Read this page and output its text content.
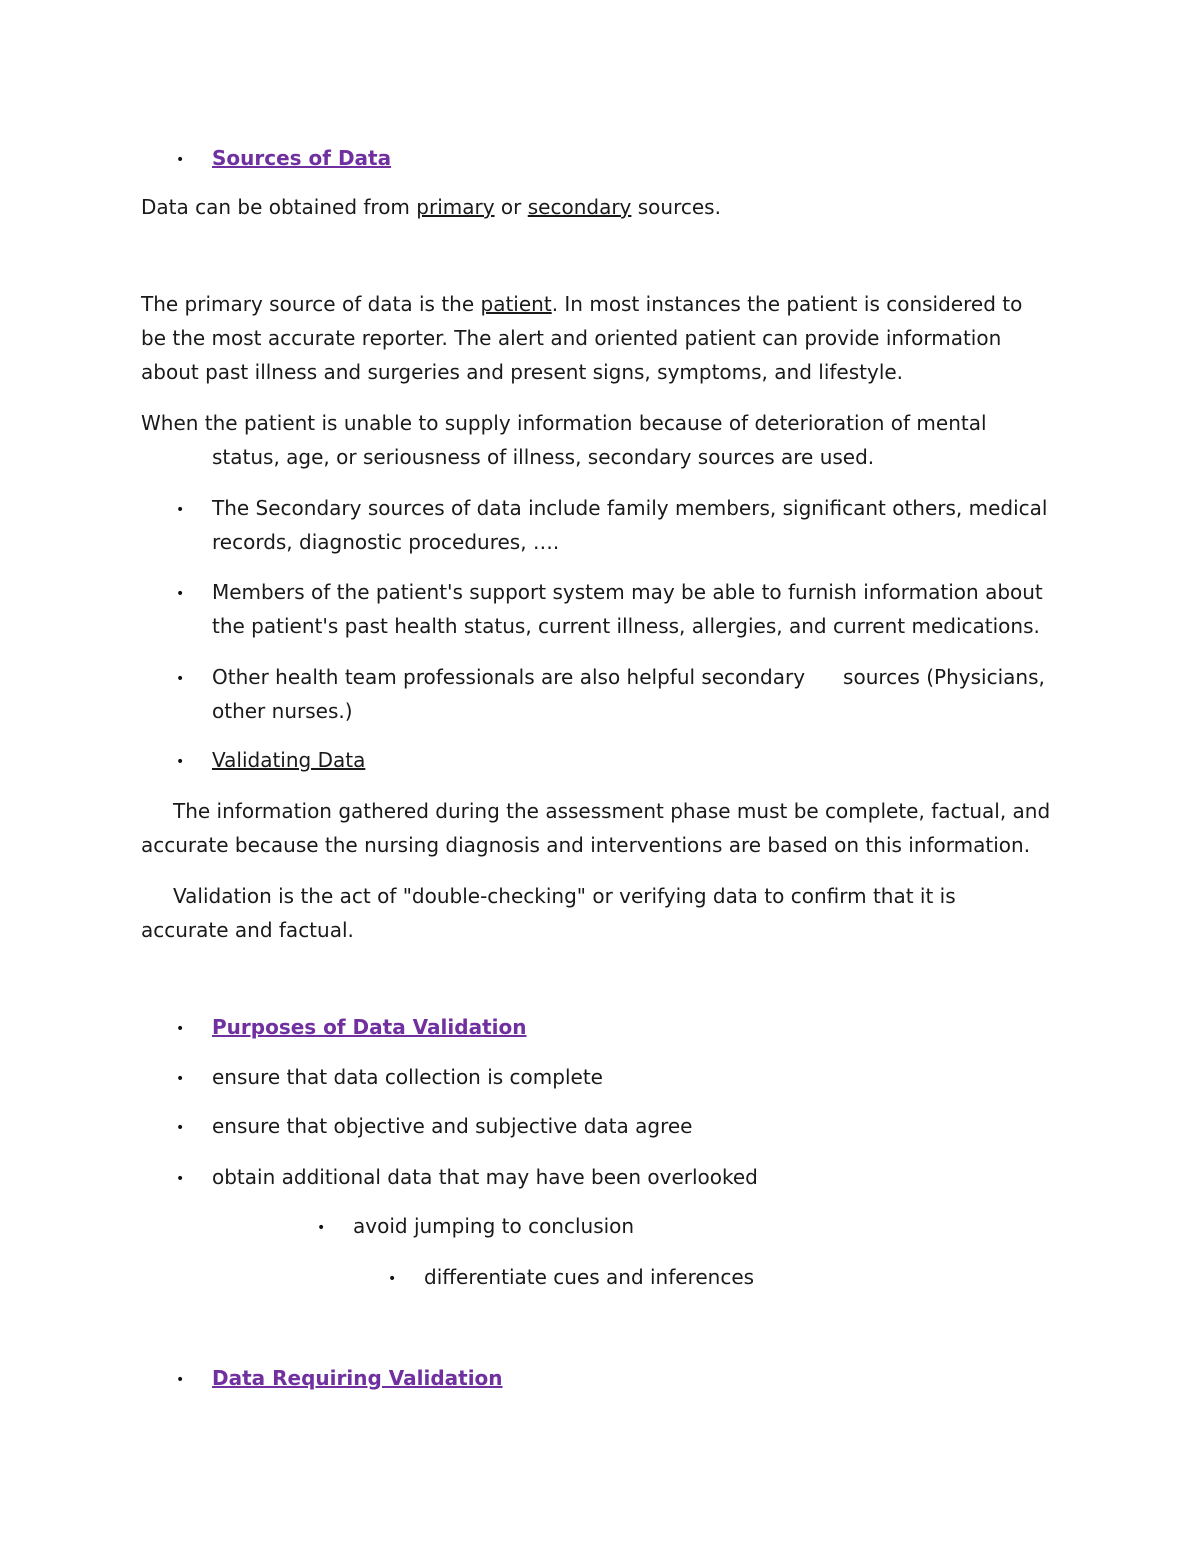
• Sources of Data
Data can be obtained from primary or secondary sources.
The primary source of data is the patient. In most instances the patient is considered to
be the most accurate reporter. The alert and oriented patient can provide information
about past illness and surgeries and present signs, symptoms, and lifestyle.
When the patient is unable to supply information because of deterioration of mental
status, age, or seriousness of illness, secondary sources are used.
• The Secondary sources of data include family members, significant others, medical
records, diagnostic procedures, ….
• Members of the patient's support system may be able to furnish information about
the patient's past health status, current illness, allergies, and current medications.
• Other health team professionals are also helpful secondary sources (Physicians,
other nurses.)
• Validating Data
The information gathered during the assessment phase must be complete, factual, and
accurate because the nursing diagnosis and interventions are based on this information.
Validation is the act of "double-checking" or verifying data to confirm that it is
accurate and factual.
• Purposes of Data Validation
• ensure that data collection is complete
• ensure that objective and subjective data agree
• obtain additional data that may have been overlooked
• avoid jumping to conclusion
• differentiate cues and inferences
• Data Requiring Validation
